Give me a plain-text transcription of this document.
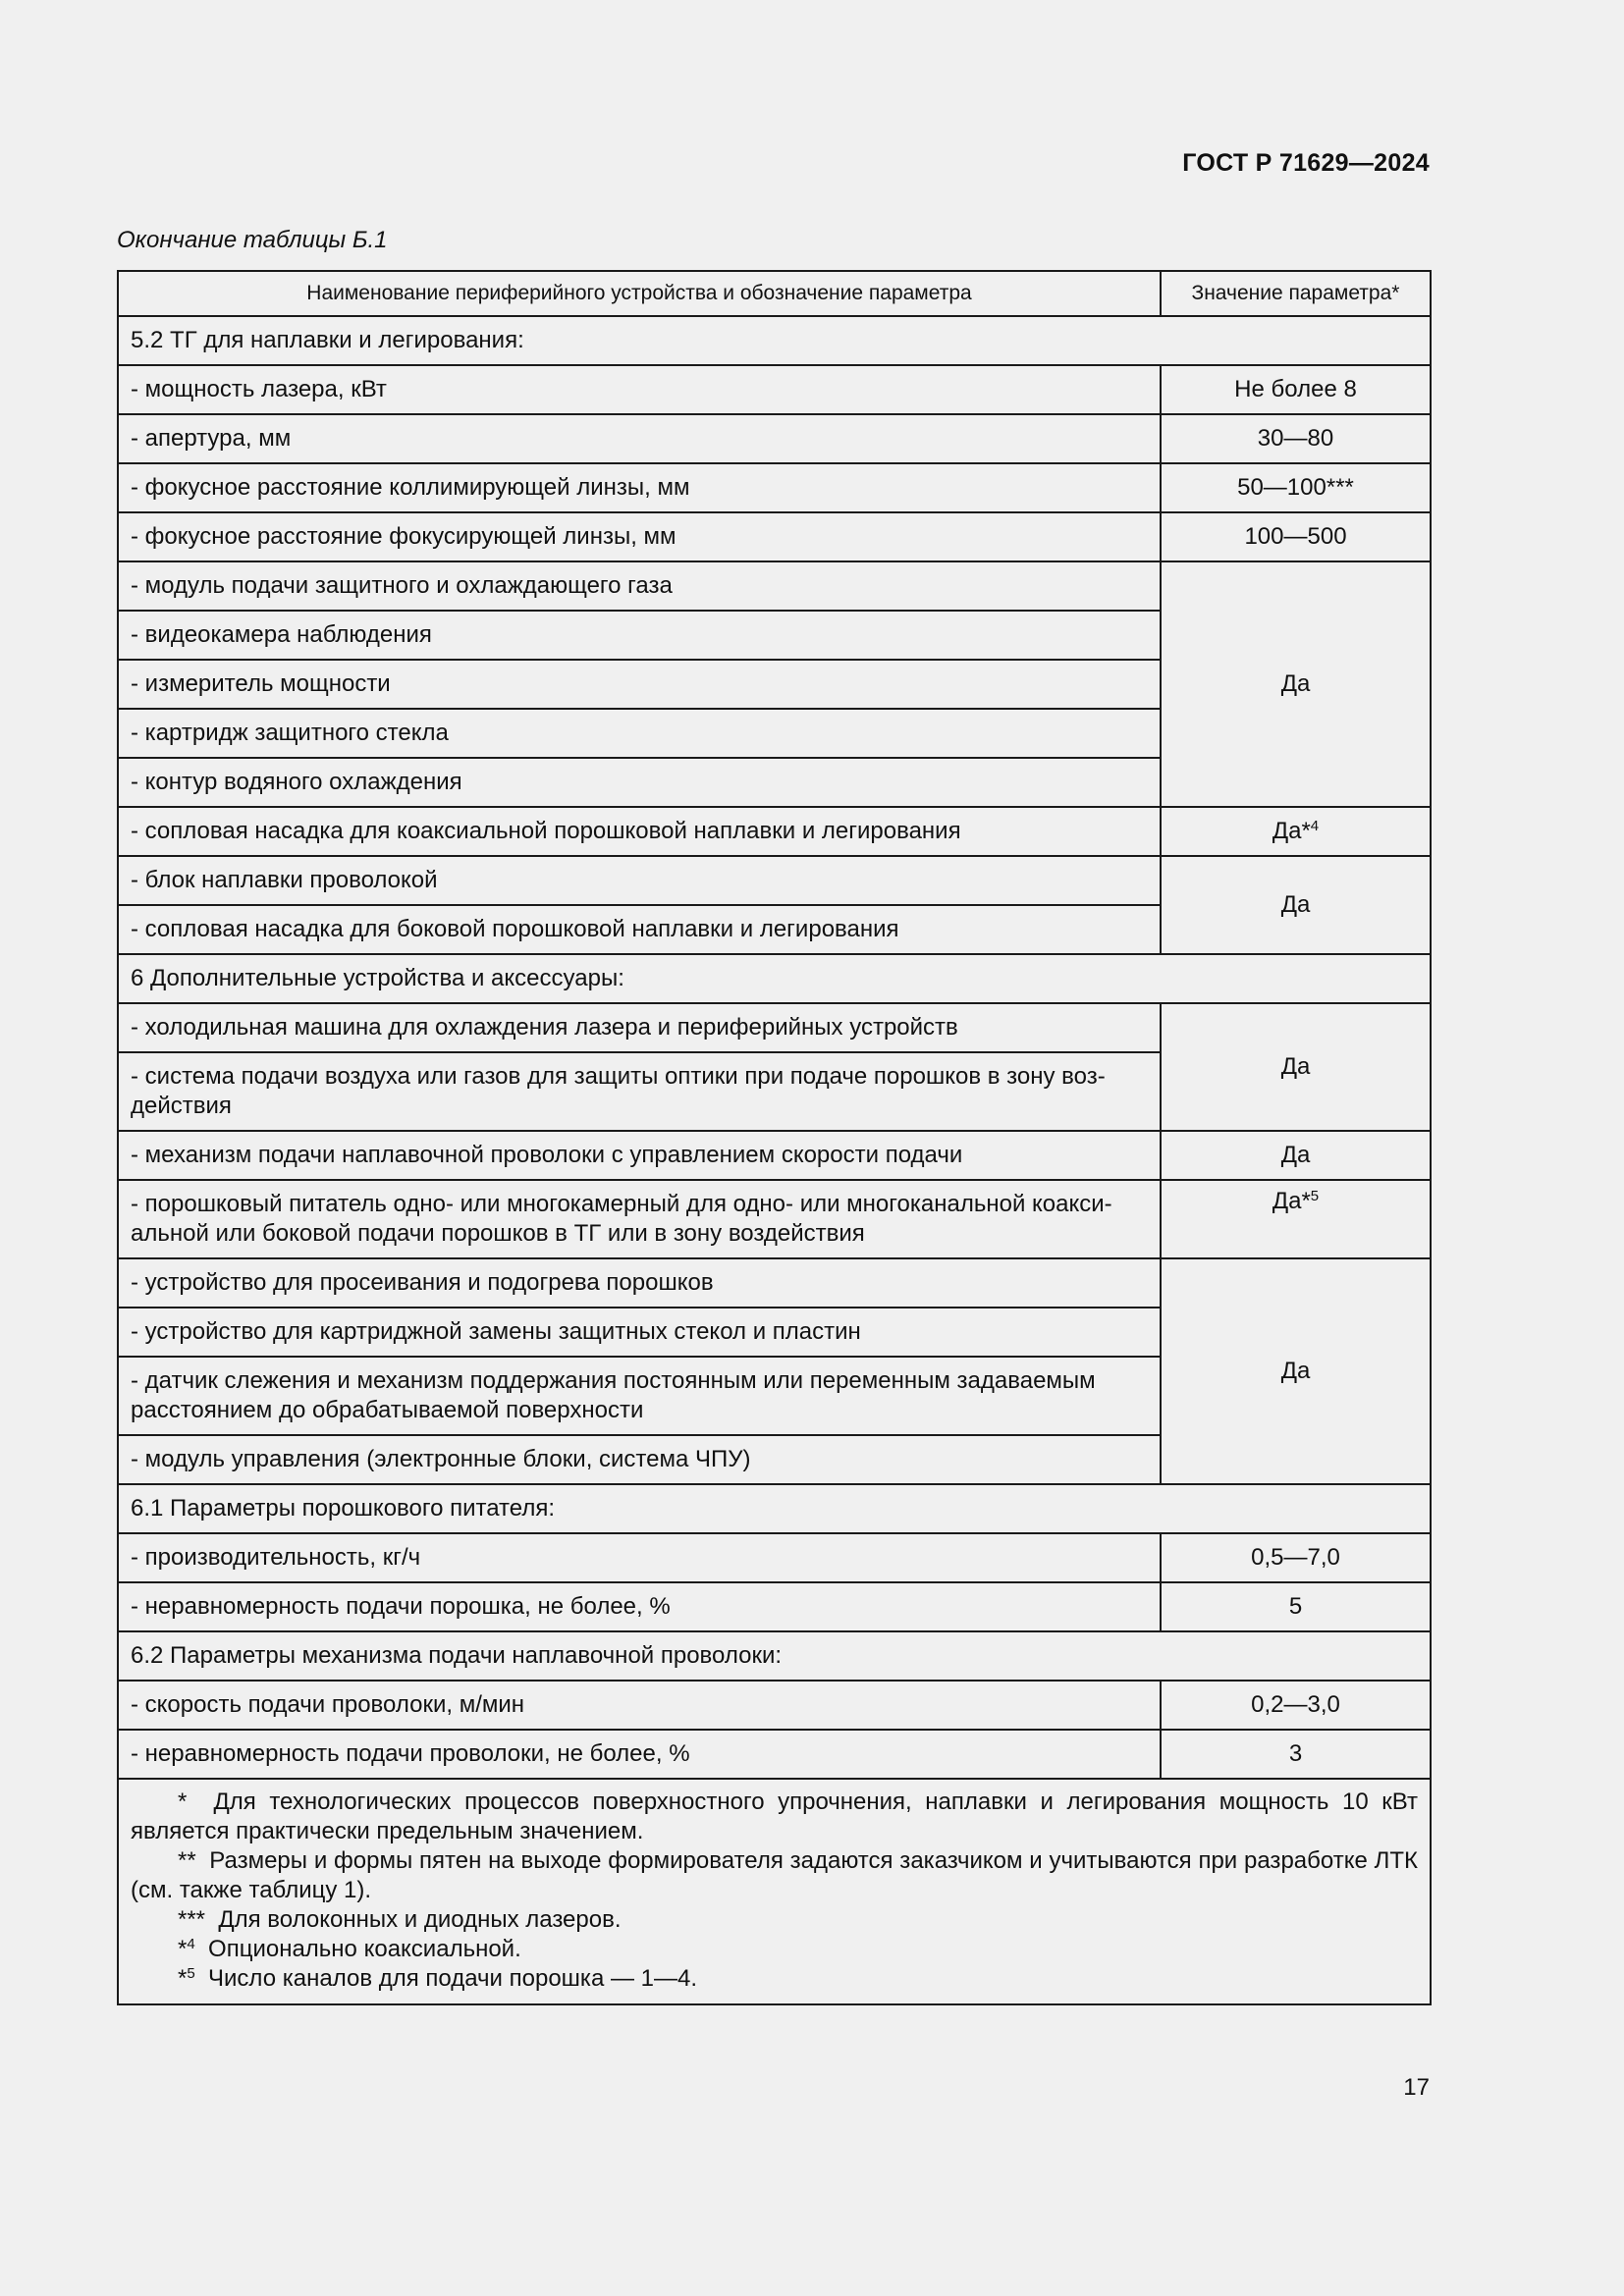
ГОСТ Р 71629—2024
Окончание таблицы Б.1
Наименование периферийного устройства и обозначение параметра	Значение параметра*
5.2 ТГ для наплавки и легирования:	
- мощность лазера, кВт	Не более 8
- апертура, мм	30—80
- фокусное расстояние коллимирующей линзы, мм	50—100***
- фокусное расстояние фокусирующей линзы, мм	100—500
- модуль подачи защитного и охлаждающего газа	Да
- видеокамера наблюдения	
- измеритель мощности	
- картридж защитного стекла	
- контур водяного охлаждения	
- сопловая насадка для коаксиальной порошковой наплавки и легирования	Да*$^4$
- блок наплавки проволокой	Да
- сопловая насадка для боковой порошковой наплавки и легирования	
6 Дополнительные устройства и аксессуары:	
- холодильная машина для охлаждения лазера и периферийных устройств	Да
- система подачи воздуха или газов для защиты оптики при подаче порошков в зону воздействия	
- механизм подачи наплавочной проволоки с управлением скорости подачи	Да
- порошковый питатель одно- или многокамерный для одно- или многоканальной коаксиальной или боковой подачи порошков в ТГ или в зону воздействия	Да*$^5$
- устройство для просеивания и подогрева порошков	Да
- устройство для картриджной замены защитных стекол и пластин	
- датчик слежения и механизм поддержания постоянным или переменным задаваемым расстоянием до обрабатываемой поверхности	
- модуль управления (электронные блоки, система ЧПУ)	
6.1 Параметры порошкового питателя:	
- производительность, кг/ч	0,5—7,0
- неравномерность подачи порошка, не более, %	5
6.2 Параметры механизма подачи наплавочной проволоки:	
- скорость подачи проволоки, м/мин	0,2—3,0
- неравномерность подачи проволоки, не более, %	3

* Для технологических процессов поверхностного упрочнения, наплавки и легирования мощность 10 кВт является практически предельным значением.
** Размеры и формы пятен на выходе формирователя задаются заказчиком и учитываются при разработке ЛТК (см. также таблицу 1).
*** Для волоконных и диодных лазеров.
*$^4$ Опционально коаксиальной.
*$^5$ Число каналов для подачи порошка — 1—4.	
17
